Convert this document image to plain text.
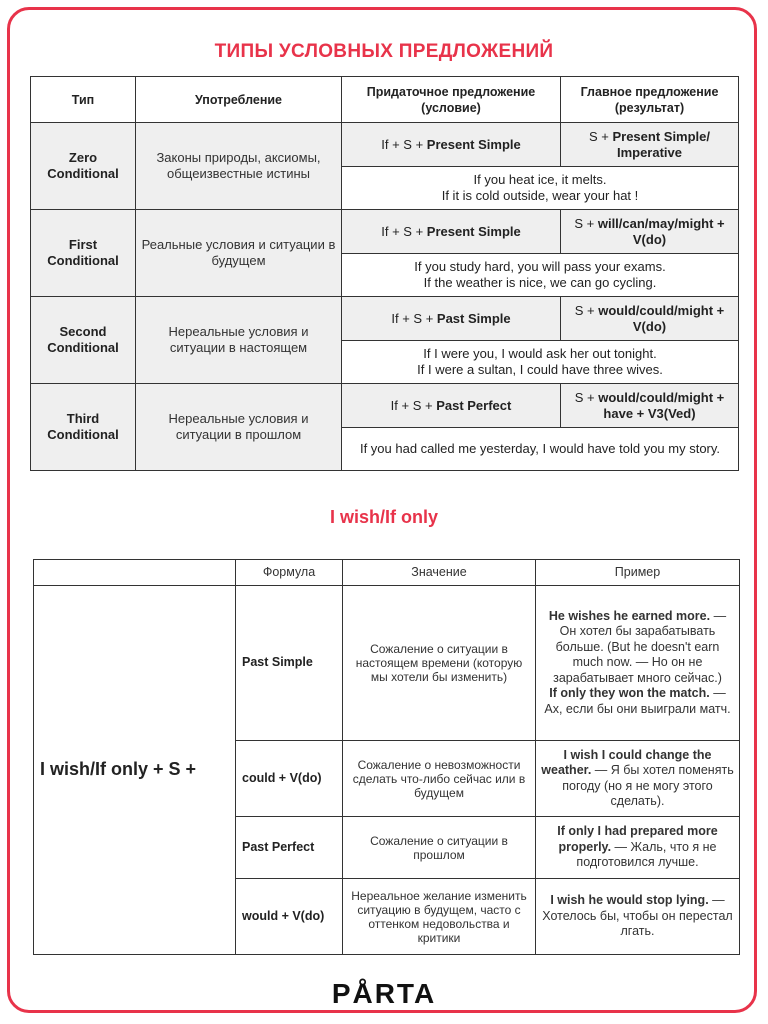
ТИПЫ УСЛОВНЫХ ПРЕДЛОЖЕНИЙ
Тип	Употребление	Придаточное предложение (условие)	Главное предложение (результат)
Zero Conditional	Законы природы, аксиомы, общеизвестные истины	If + S + Present Simple	S + Present Simple/ Imperative

		If you heat ice, it melts.
If it is cold outside, wear your hat !	

First Conditional	Реальные условия и ситуации в будущем	If + S + Present Simple	S + will/can/may/might + V(do)

		If you study hard, you will pass your exams.
If the weather is nice, we can go cycling.	

Second Conditional	Нереальные условия и ситуации в настоящем	If + S + Past Simple	S + would/could/might + V(do)

		If I were you, I would ask her out tonight.
If I were a sultan, I could have three wives.	

Third Conditional	Нереальные условия и ситуации в прошлом	If + S + Past Perfect	S + would/could/might + have + V3(Ved)

		If you had called me yesterday, I would have told you my story.	
I wish/If only
	Формула	Значение	Пример
I wish/If only + S +	Past Simple	Сожаление о ситуации в настоящем времени (которую мы хотели бы изменить)	He wishes he earned more. — Он хотел бы зарабатывать больше. (But he doesn't earn much now. — Но он не зарабатывает много сейчас.)
If only they won the match. — Ах, если бы они выиграли матч.
	could + V(do)	Сожаление о невозможности сделать что-либо сейчас или в будущем	I wish I could change the weather. — Я бы хотел поменять погоду (но я не могу этого сделать).
	Past Perfect	Сожаление о ситуации в прошлом	If only I had prepared more properly. — Жаль, что я не подготовился лучше.
	would + V(do)	Нереальное желание изменить ситуацию в будущем, часто с оттенком недовольства и критики	I wish he would stop lying. — Хотелось бы, чтобы он перестал лгать.
PÅRTA
